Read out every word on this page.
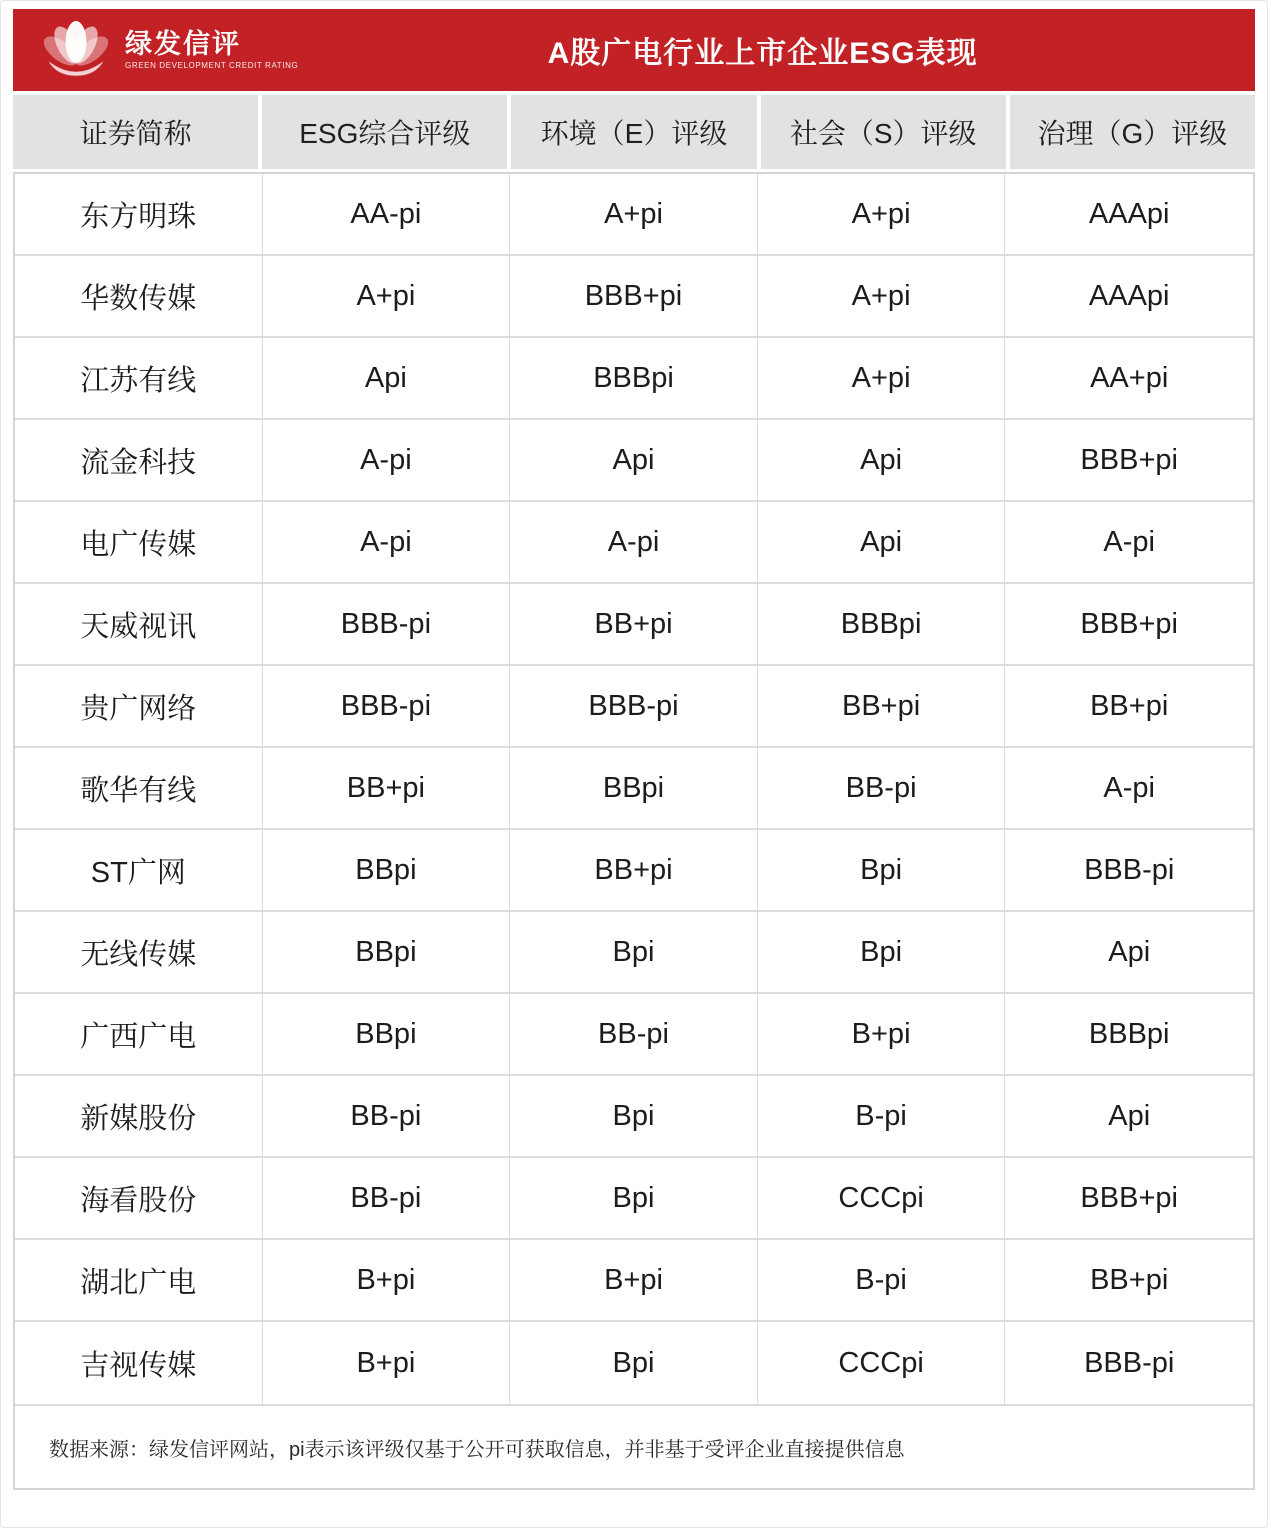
绿发信评
GREEN DEVELOPMENT CREDIT RATING	A股广电行业上市企业ESG表现
证券简称	ESG综合评级	环境（E）评级	社会（S）评级	治理（G）评级
东方明珠	AA-pi	A+pi	A+pi	AAApi
华数传媒	A+pi	BBB+pi	A+pi	AAApi
江苏有线	Api	BBBpi	A+pi	AA+pi
流金科技	A-pi	Api	Api	BBB+pi
电广传媒	A-pi	A-pi	Api	A-pi
天威视讯	BBB-pi	BB+pi	BBBpi	BBB+pi
贵广网络	BBB-pi	BBB-pi	BB+pi	BB+pi
歌华有线	BB+pi	BBpi	BB-pi	A-pi
ST广网	BBpi	BB+pi	Bpi	BBB-pi
无线传媒	BBpi	Bpi	Bpi	Api
广西广电	BBpi	BB-pi	B+pi	BBBpi
新媒股份	BB-pi	Bpi	B-pi	Api
海看股份	BB-pi	Bpi	CCCpi	BBB+pi
湖北广电	B+pi	B+pi	B-pi	BB+pi
吉视传媒	B+pi	Bpi	CCCpi	BBB-pi
数据来源：绿发信评网站，pi表示该评级仅基于公开可获取信息，并非基于受评企业直接提供信息
